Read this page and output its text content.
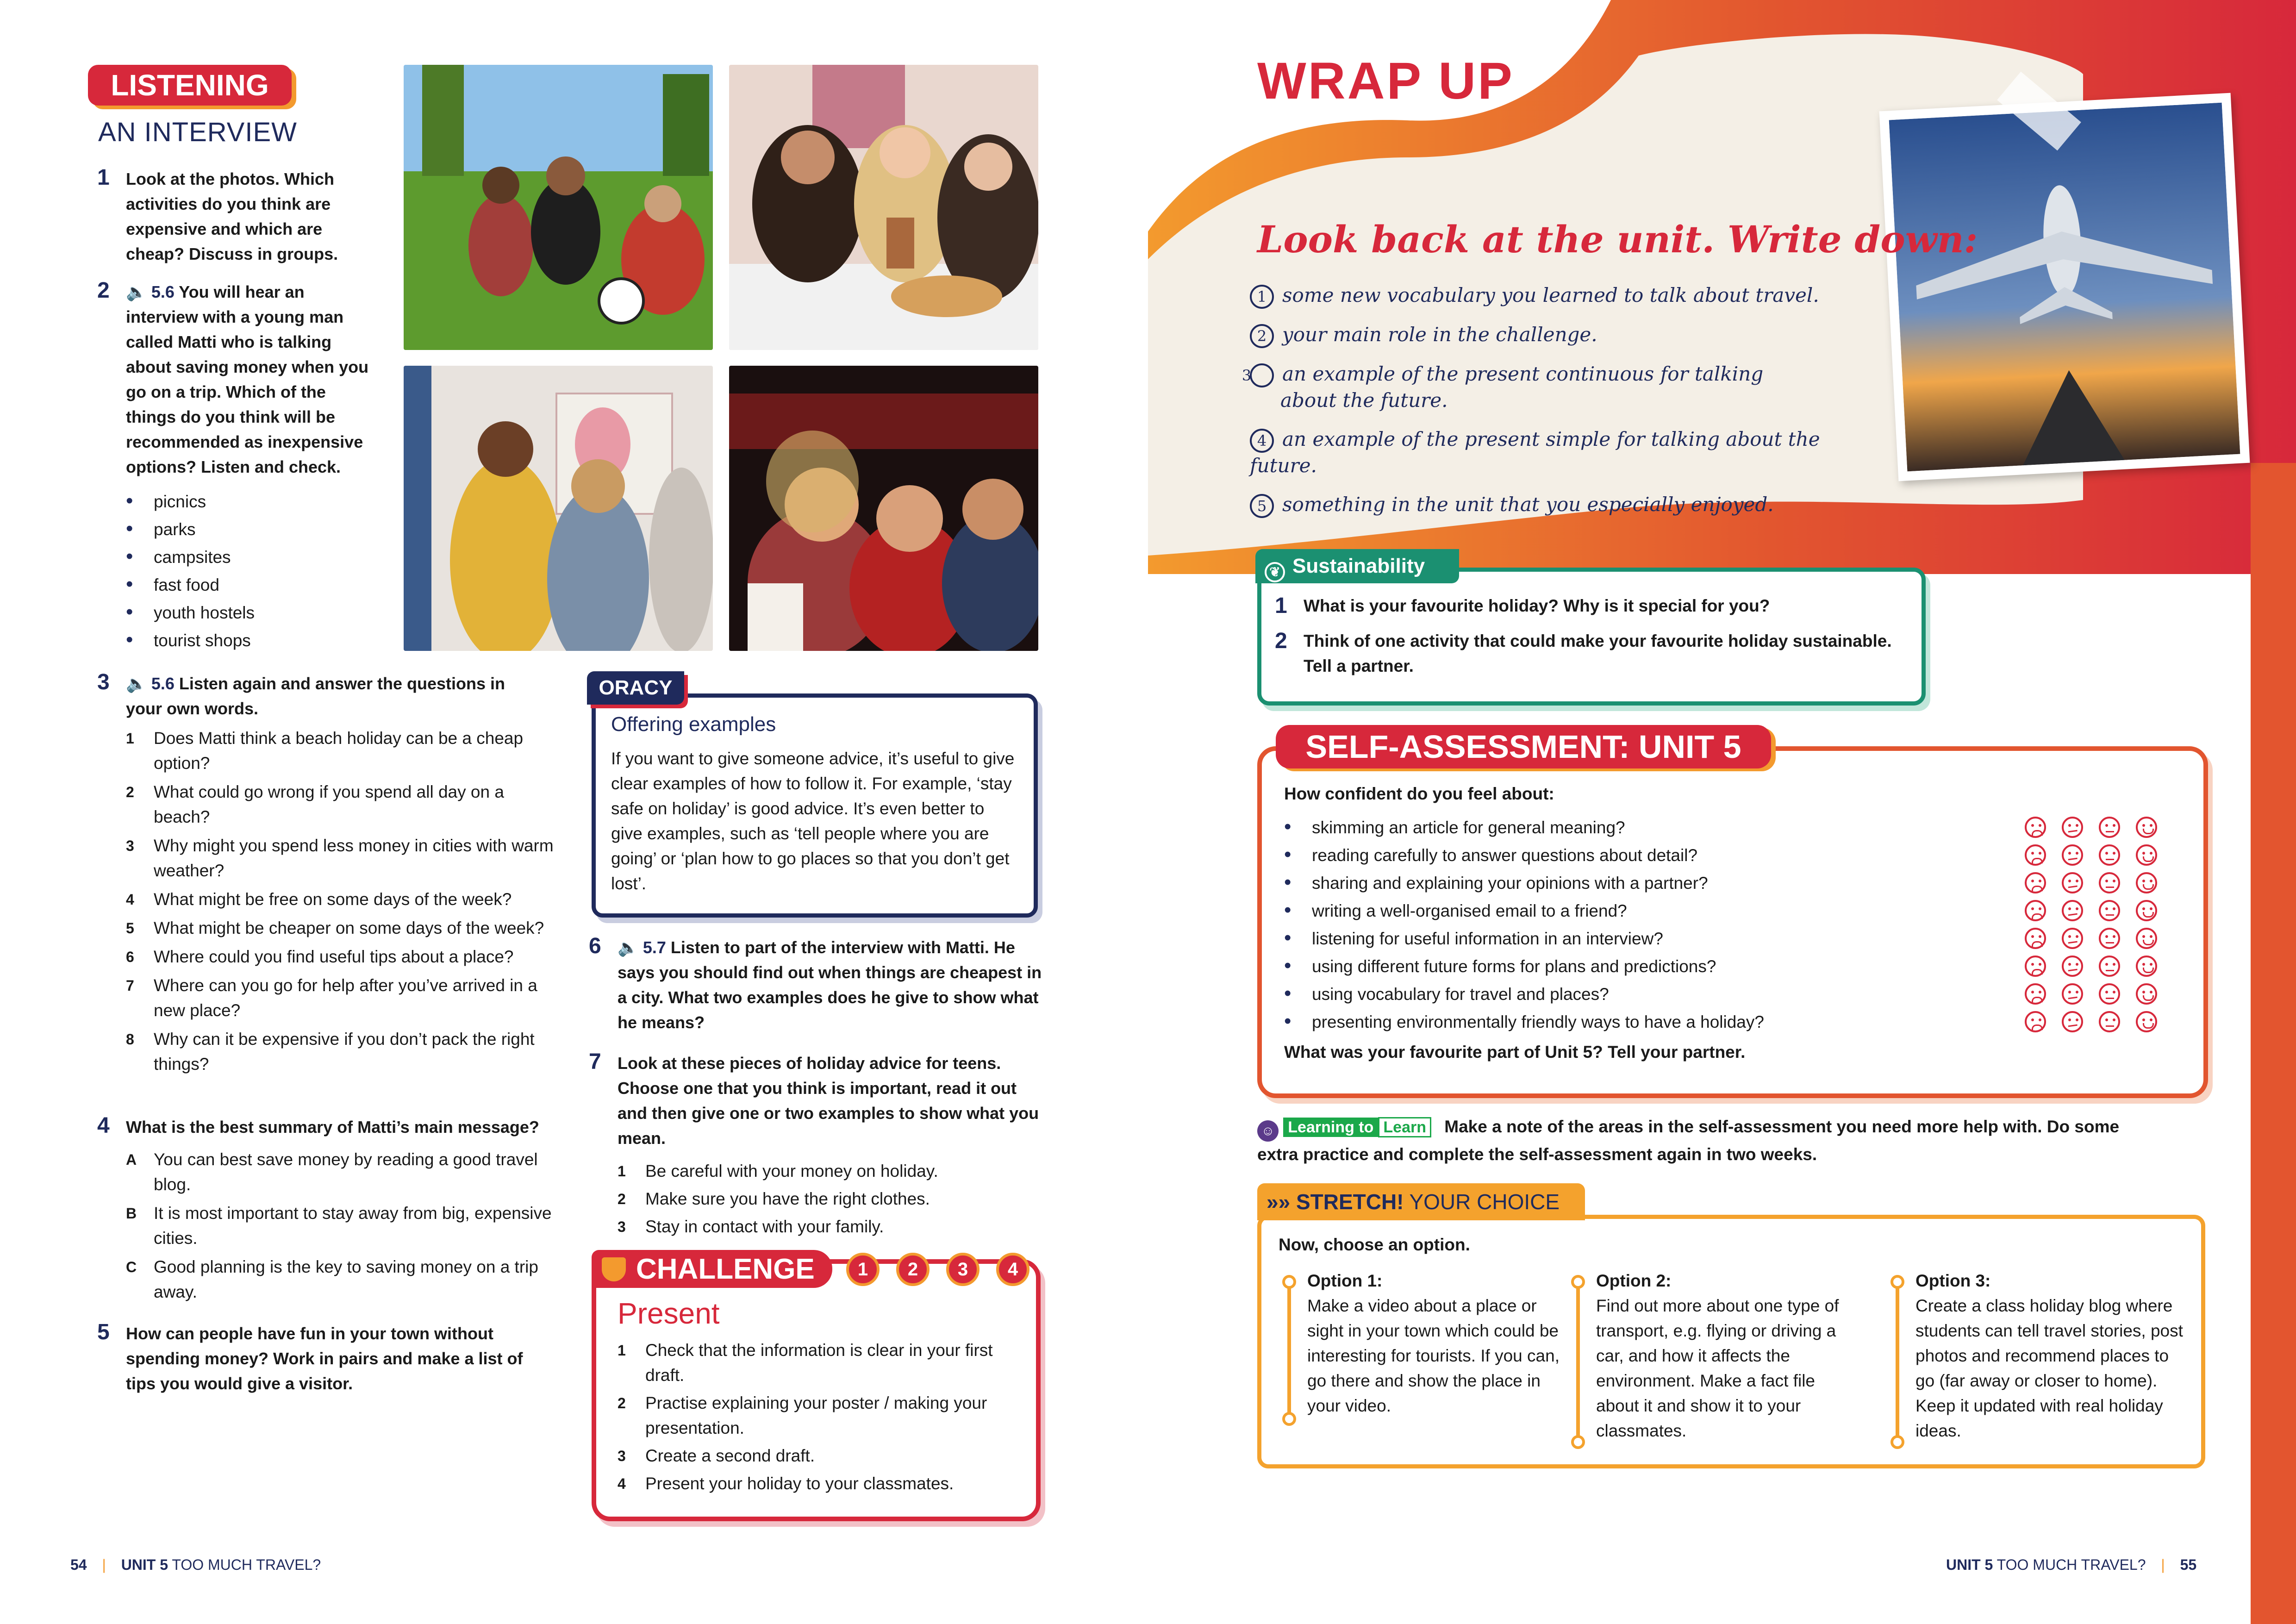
LISTENING
AN INTERVIEW
1 Look at the photos. Which activities do you think are expensive and which are cheap? Discuss in groups.
2 🔈 5.6 You will hear an interview with a young man called Matti who is talking about saving money when you go on a trip. Which of the things do you think will be recommended as inexpensive options? Listen and check.
• picnics
• parks
• campsites
• fast food
• youth hostels
• tourist shops
3 🔈 5.6 Listen again and answer the questions in your own words.
1 Does Matti think a beach holiday can be a cheap option?
2 What could go wrong if you spend all day on a beach?
3 Why might you spend less money in cities with warm weather?
4 What might be free on some days of the week?
5 What might be cheaper on some days of the week?
6 Where could you find useful tips about a place?
7 Where can you go for help after you’ve arrived in a new place?
8 Why can it be expensive if you don’t pack the right things?
4 What is the best summary of Matti’s main message?
A You can best save money by reading a good travel blog.
B It is most important to stay away from big, expensive cities.
C Good planning is the key to saving money on a trip away.
5 How can people have fun in your town without spending money? Work in pairs and make a list of tips you would give a visitor.
ORACY
Offering examples
If you want to give someone advice, it’s useful to give clear examples of how to follow it. For example, ‘stay safe on holiday’ is good advice. It’s even better to give examples, such as ‘tell people where you are going’ or ‘plan how to go places so that you don’t get lost’.
6 🔈 5.7 Listen to part of the interview with Matti. He says you should find out when things are cheapest in a city. What two examples does he give to show what he means?
7 Look at these pieces of holiday advice for teens. Choose one that you think is important, read it out and then give one or two examples to show what you mean.
1 Be careful with your money on holiday.
2 Make sure you have the right clothes.
3 Stay in contact with your family.
CHALLENGE	1	2	3	4
Present
1 Check that the information is clear in your first draft.
2 Practise explaining your poster / making your presentation.
3 Create a second draft.
4 Present your holiday to your classmates.
54 | UNIT 5 TOO MUCH TRAVEL?
WRAP UP
Look back at the unit. Write down:
1 some new vocabulary you learned to talk about travel.
2 your main role in the challenge.
3 an example of the present continuous for talking about the future.
4 an example of the present simple for talking about the future.
5 something in the unit that you especially enjoyed.
❦ Sustainability
1 What is your favourite holiday? Why is it special for you?
2 Think of one activity that could make your favourite holiday sustainable. Tell a partner.
SELF-ASSESSMENT: UNIT 5
How confident do you feel about:
• skimming an article for general meaning?
• reading carefully to answer questions about detail?
• sharing and explaining your opinions with a partner?
• writing a well-organised email to a friend?
• listening for useful information in an interview?
• using different future forms for plans and predictions?
• using vocabulary for travel and places?
• presenting environmentally friendly ways to have a holiday?
What was your favourite part of Unit 5? Tell your partner.
☺ Learning to Learn Make a note of the areas in the self-assessment you need more help with. Do some extra practice and complete the self-assessment again in two weeks.
»» STRETCH! YOUR CHOICE
Now, choose an option.
Option 1:
Make a video about a place or sight in your town which could be interesting for tourists. If you can, go there and show the place in your video.
Option 2:
Find out more about one type of transport, e.g. flying or driving a car, and how it affects the environment. Make a fact file about it and show it to your classmates.
Option 3:
Create a class holiday blog where students can tell travel stories, post photos and recommend places to go (far away or closer to home). Keep it updated with real holiday ideas.
UNIT 5 TOO MUCH TRAVEL? | 55
